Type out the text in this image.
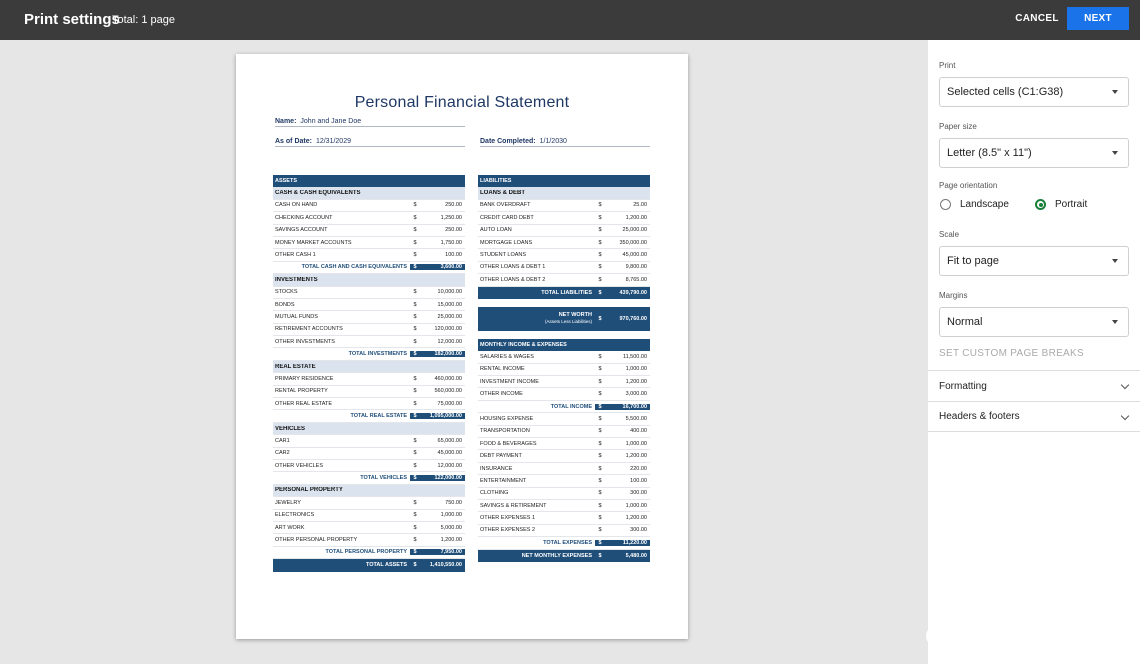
Print settings
Total: 1 page	CANCEL	NEXT
Personal Financial Statement
Name: John and Jane Doe
As of Date: 12/31/2029	Date Completed: 1/1/2030
ASSETS
CASH & CASH EQUIVALENTS
CASH ON HAND	$	250.00
CHECKING ACCOUNT	$	1,250.00
SAVINGS ACCOUNT	$	250.00
MONEY MARKET ACCOUNTS	$	1,750.00
OTHER CASH 1	$	100.00
TOTAL CASH AND CASH EQUIVALENTS	$	3,600.00
INVESTMENTS
STOCKS	$	10,000.00
BONDS	$	15,000.00
MUTUAL FUNDS	$	25,000.00
RETIREMENT ACCOUNTS	$	120,000.00
OTHER INVESTMENTS	$	12,000.00
TOTAL INVESTMENTS	$	182,000.00
REAL ESTATE
PRIMARY RESIDENCE	$	460,000.00
RENTAL PROPERTY	$	560,000.00
OTHER REAL ESTATE	$	75,000.00
TOTAL REAL ESTATE	$	1,095,000.00
VEHICLES
CAR1	$	65,000.00
CAR2	$	45,000.00
OTHER VEHICLES	$	12,000.00
TOTAL VEHICLES	$	122,000.00
PERSONAL PROPERTY
JEWELRY	$	750.00
ELECTRONICS	$	1,000.00
ART WORK	$	5,000.00
OTHER PERSONAL PROPERTY	$	1,200.00
TOTAL PERSONAL PROPERTY	$	7,950.00
TOTAL ASSETS	$	1,410,550.00
LIABILITIES
LOANS & DEBT
BANK OVERDRAFT	$	25.00
CREDIT CARD DEBT	$	1,200.00
AUTO LOAN	$	25,000.00
MORTGAGE LOANS	$	350,000.00
STUDENT LOANS	$	45,000.00
OTHER LOANS & DEBT 1	$	9,800.00
OTHER LOANS & DEBT 2	$	8,765.00
TOTAL LIABILITIES	$	439,790.00
NET WORTH
(Assets Less Liabilities)	$	970,760.00
MONTHLY INCOME & EXPENSES
SALARIES & WAGES	$	11,500.00
RENTAL INCOME	$	1,000.00
INVESTMENT INCOME	$	1,200.00
OTHER INCOME	$	3,000.00
TOTAL INCOME	$	16,700.00
HOUSING EXPENSE	$	5,500.00
TRANSPORTATION	$	400.00
FOOD & BEVERAGES	$	1,000.00
DEBT PAYMENT	$	1,200.00
INSURANCE	$	220.00
ENTERTAINMENT	$	100.00
CLOTHING	$	300.00
SAVINGS & RETIREMENT	$	1,000.00
OTHER EXPENSES 1	$	1,200.00
OTHER EXPENSES 2	$	300.00
TOTAL EXPENSES	$	11,220.00
NET MONTHLY EXPENSES	$	5,480.00
Print
Selected cells (C1:G38)
Paper size
Letter (8.5" x 11")
Page orientation
Landscape	Portrait
Scale
Fit to page
Margins
Normal
SET CUSTOM PAGE BREAKS
Formatting
Headers & footers
